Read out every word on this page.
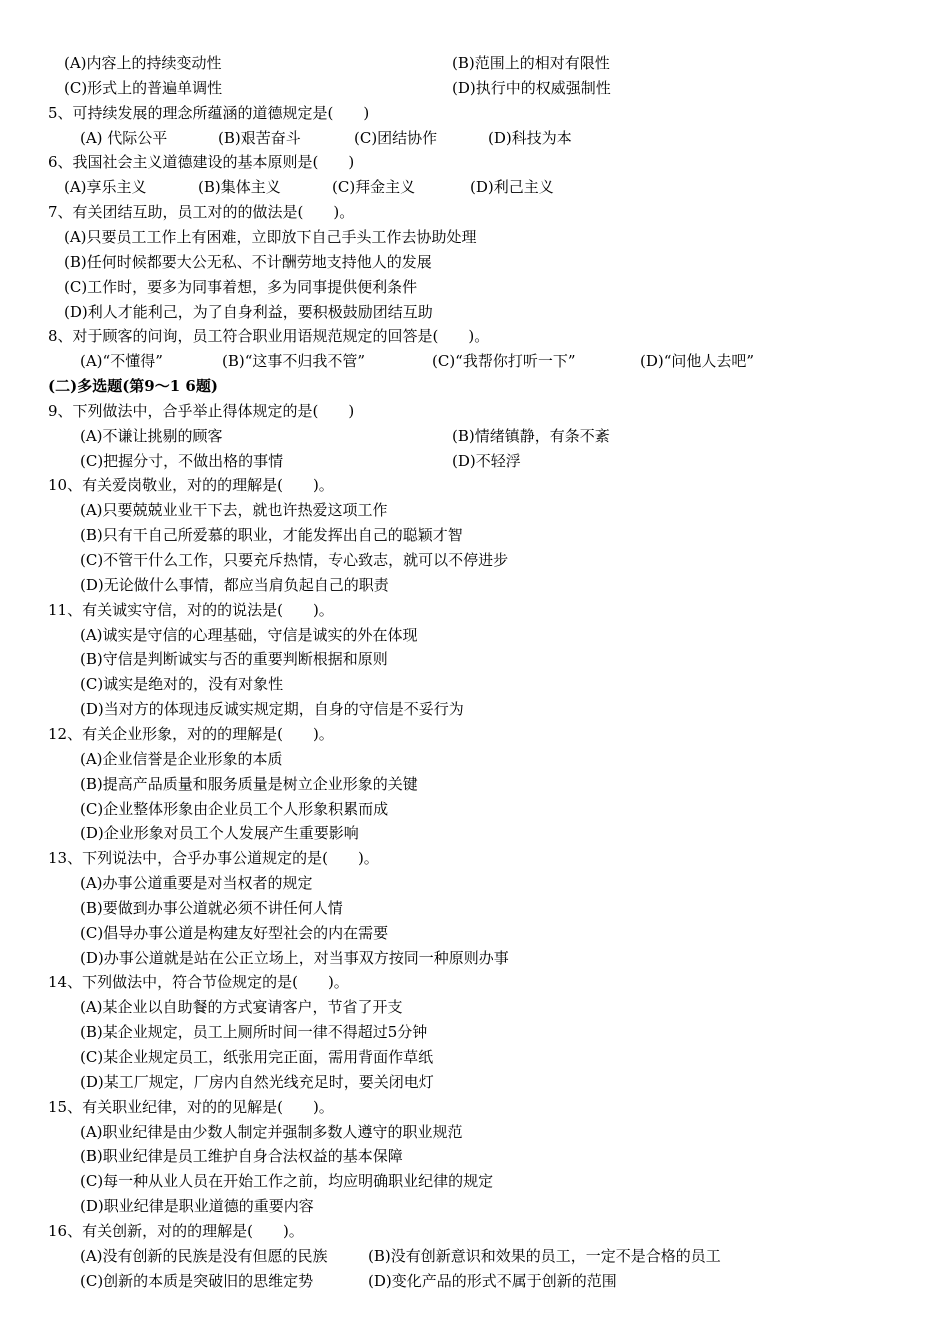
(A)内容上的持续变动性	(B)范围上的相对有限性
(C)形式上的普遍单调性	(D)执行中的权威强制性
5、可持续发展的理念所蕴涵的道德规定是(　　)
(A) 代际公平	(B)艰苦奋斗	(C)团结协作	(D)科技为本
6、我国社会主义道德建设的基本原则是(　　)
(A)享乐主义	(B)集体主义	(C)拜金主义	(D)利己主义
7、有关团结互助，员工对的的做法是(　　)。
(A)只要员工工作上有困难，立即放下自己手头工作去协助处理
(B)任何时候都要大公无私、不计酬劳地支持他人的发展
(C)工作时，要多为同事着想，多为同事提供便利条件
(D)利人才能利己，为了自身利益，要积极鼓励团结互助
8、对于顾客的问询，员工符合职业用语规范规定的回答是(　　)。
(A)“不懂得”	(B)“这事不归我不管”	(C)“我帮你打听一下”	(D)“问他人去吧”
(二)多选题(第9～1 6题)
9、下列做法中，合乎举止得体规定的是(　　)
(A)不谦让挑剔的顾客	(B)情绪镇静，有条不紊
(C)把握分寸，不做出格的事情	(D)不轻浮
10、有关爱岗敬业，对的的理解是(　　)。
(A)只要兢兢业业干下去，就也许热爱这项工作
(B)只有干自己所爱慕的职业，才能发挥出自己的聪颖才智
(C)不管干什么工作，只要充斥热情，专心致志，就可以不停进步
(D)无论做什么事情，都应当肩负起自己的职责
11、有关诚实守信，对的的说法是(　　)。
(A)诚实是守信的心理基础，守信是诚实的外在体现
(B)守信是判断诚实与否的重要判断根据和原则
(C)诚实是绝对的，没有对象性
(D)当对方的体现违反诚实规定期，自身的守信是不妥行为
12、有关企业形象，对的的理解是(　　)。
(A)企业信誉是企业形象的本质
(B)提高产品质量和服务质量是树立企业形象的关键
(C)企业整体形象由企业员工个人形象积累而成
(D)企业形象对员工个人发展产生重要影响
13、下列说法中，合乎办事公道规定的是(　　)。
(A)办事公道重要是对当权者的规定
(B)要做到办事公道就必须不讲任何人情
(C)倡导办事公道是构建友好型社会的内在需要
(D)办事公道就是站在公正立场上，对当事双方按同一种原则办事
14、下列做法中，符合节俭规定的是(　　)。
(A)某企业以自助餐的方式宴请客户，节省了开支
(B)某企业规定，员工上厕所时间一律不得超过5分钟
(C)某企业规定员工，纸张用完正面，需用背面作草纸
(D)某工厂规定，厂房内自然光线充足时，要关闭电灯
15、有关职业纪律，对的的见解是(　　)。
(A)职业纪律是由少数人制定并强制多数人遵守的职业规范
(B)职业纪律是员工维护自身合法权益的基本保障
(C)每一种从业人员在开始工作之前，均应明确职业纪律的规定
(D)职业纪律是职业道德的重要内容
16、有关创新，对的的理解是(　　)。
(A)没有创新的民族是没有但愿的民族	(B)没有创新意识和效果的员工，一定不是合格的员工
(C)创新的本质是突破旧的思维定势	(D)变化产品的形式不属于创新的范围
